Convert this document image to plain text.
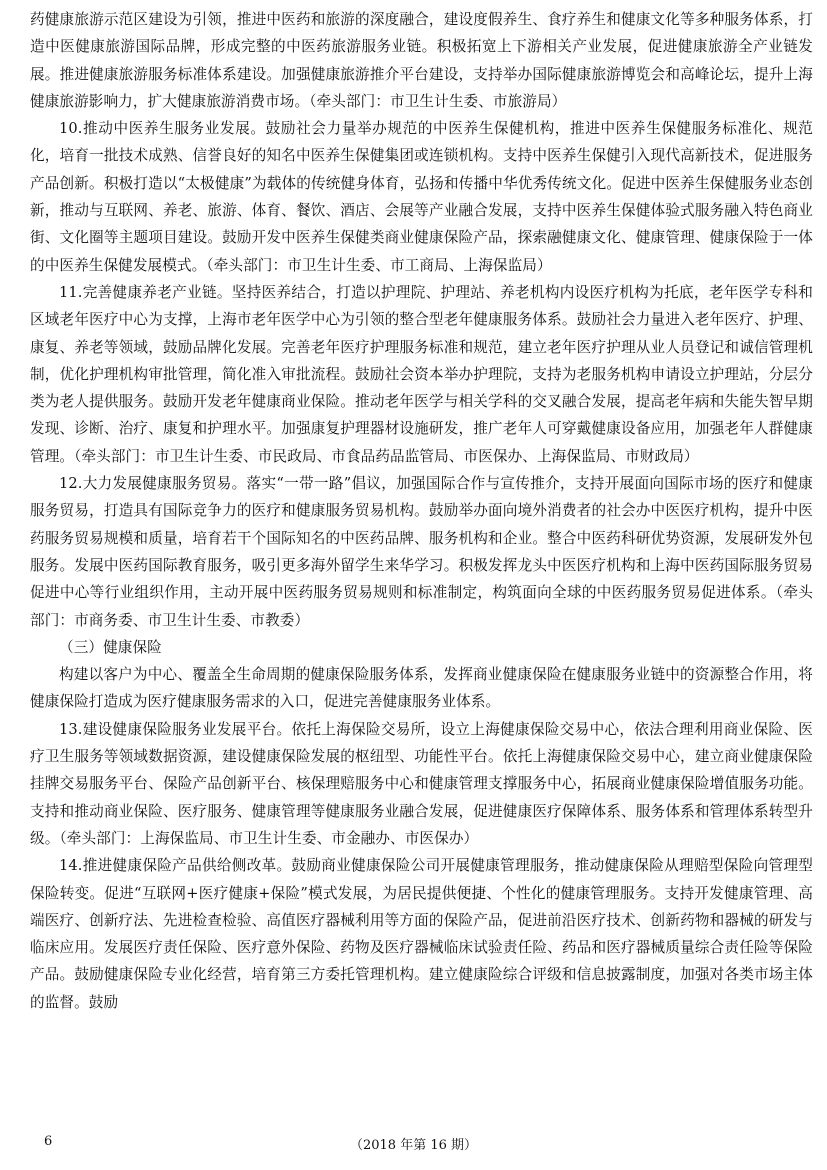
药健康旅游示范区建设为引领，推进中医药和旅游的深度融合，建设度假养生、食疗养生和健康文化等多种服务体系，打造中医健康旅游国际品牌，形成完整的中医药旅游服务业链。积极拓宽上下游相关产业发展，促进健康旅游全产业链发展。推进健康旅游服务标准体系建设。加强健康旅游推介平台建设，支持举办国际健康旅游博览会和高峰论坛，提升上海健康旅游影响力，扩大健康旅游消费市场。（牵头部门：市卫生计生委、市旅游局）

10.推动中医养生服务业发展。鼓励社会力量举办规范的中医养生保健机构，推进中医养生保健服务标准化、规范化，培育一批技术成熟、信誉良好的知名中医养生保健集团或连锁机构。支持中医养生保健引入现代高新技术，促进服务产品创新。积极打造以“太极健康”为载体的传统健身体育，弘扬和传播中华优秀传统文化。促进中医养生保健服务业态创新，推动与互联网、养老、旅游、体育、餐饮、酒店、会展等产业融合发展，支持中医养生保健体验式服务融入特色商业街、文化圈等主题项目建设。鼓励开发中医养生保健类商业健康保险产品，探索融健康文化、健康管理、健康保险于一体的中医养生保健发展模式。（牵头部门：市卫生计生委、市工商局、上海保监局）

11.完善健康养老产业链。坚持医养结合，打造以护理院、护理站、养老机构内设医疗机构为托底，老年医学专科和区域老年医疗中心为支撑，上海市老年医学中心为引领的整合型老年健康服务体系。鼓励社会力量进入老年医疗、护理、康复、养老等领域，鼓励品牌化发展。完善老年医疗护理服务标准和规范，建立老年医疗护理从业人员登记和诚信管理机制，优化护理机构审批管理，简化准入审批流程。鼓励社会资本举办护理院，支持为老服务机构申请设立护理站，分层分类为老人提供服务。鼓励开发老年健康商业保险。推动老年医学与相关学科的交叉融合发展，提高老年病和失能失智早期发现、诊断、治疗、康复和护理水平。加强康复护理器材设施研发，推广老年人可穿戴健康设备应用，加强老年人群健康管理。（牵头部门：市卫生计生委、市民政局、市食品药品监管局、市医保办、上海保监局、市财政局）

12.大力发展健康服务贸易。落实“一带一路”倡议，加强国际合作与宣传推介，支持开展面向国际市场的医疗和健康服务贸易，打造具有国际竞争力的医疗和健康服务贸易机构。鼓励举办面向境外消费者的社会办中医医疗机构，提升中医药服务贸易规模和质量，培育若干个国际知名的中医药品牌、服务机构和企业。整合中医药科研优势资源，发展研发外包服务。发展中医药国际教育服务，吸引更多海外留学生来华学习。积极发挥龙头中医医疗机构和上海中医药国际服务贸易促进中心等行业组织作用，主动开展中医药服务贸易规则和标准制定，构筑面向全球的中医药服务贸易促进体系。（牵头部门：市商务委、市卫生计生委、市教委）

（三）健康保险

构建以客户为中心、覆盖全生命周期的健康保险服务体系，发挥商业健康保险在健康服务业链中的资源整合作用，将健康保险打造成为医疗健康服务需求的入口，促进完善健康服务业体系。

13.建设健康保险服务业发展平台。依托上海保险交易所，设立上海健康保险交易中心，依法合理利用商业保险、医疗卫生服务等领域数据资源，建设健康保险发展的枢纽型、功能性平台。依托上海健康保险交易中心，建立商业健康保险挂牌交易服务平台、保险产品创新平台、核保理赔服务中心和健康管理支撑服务中心，拓展商业健康保险增值服务功能。支持和推动商业保险、医疗服务、健康管理等健康服务业融合发展，促进健康医疗保障体系、服务体系和管理体系转型升级。（牵头部门：上海保监局、市卫生计生委、市金融办、市医保办）

14.推进健康保险产品供给侧改革。鼓励商业健康保险公司开展健康管理服务，推动健康保险从理赔型保险向管理型保险转变。促进“互联网+医疗健康+保险”模式发展，为居民提供便捷、个性化的健康管理服务。支持开发健康管理、高端医疗、创新疗法、先进检查检验、高值医疗器械利用等方面的保险产品，促进前沿医疗技术、创新药物和器械的研发与临床应用。发展医疗责任保险、医疗意外保险、药物及医疗器械临床试验责任险、药品和医疗器械质量综合责任险等保险产品。鼓励健康保险专业化经营，培育第三方委托管理机构。建立健康险综合评级和信息披露制度，加强对各类市场主体的监督。鼓励

6	（2018 年第 16 期）
